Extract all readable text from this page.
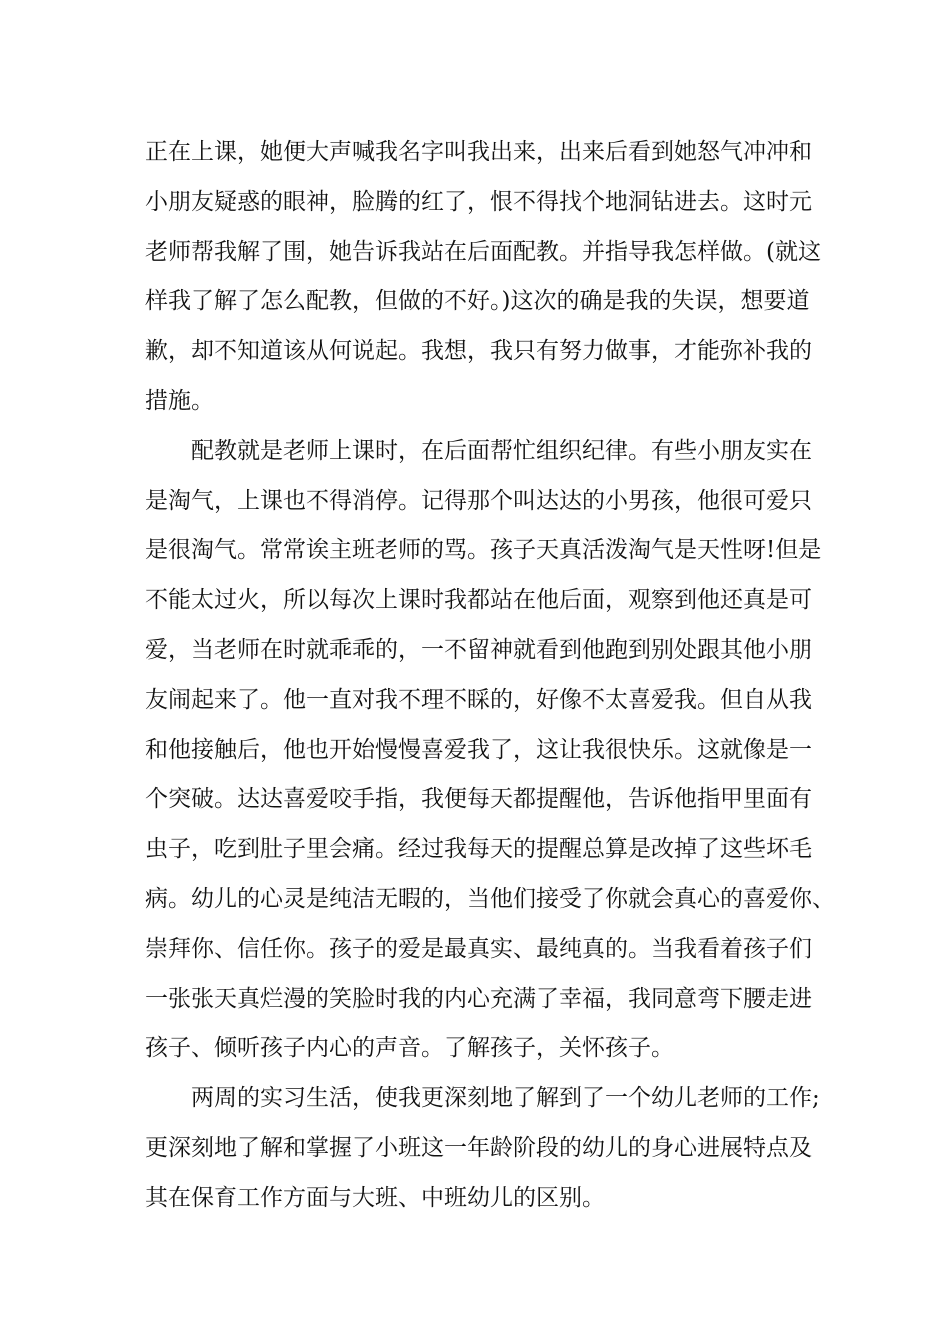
正在上课，她便大声喊我名字叫我出来，出来后看到她怒气冲冲和
小朋友疑惑的眼神，脸腾的红了，恨不得找个地洞钻进去。这时元
老师帮我解了围，她告诉我站在后面配教。并指导我怎样做。(就这
样我了解了怎么配教，但做的不好。)这次的确是我的失误，想要道
歉，却不知道该从何说起。我想，我只有努力做事，才能弥补我的
措施。
　　配教就是老师上课时，在后面帮忙组织纪律。有些小朋友实在
是淘气，上课也不得消停。记得那个叫达达的小男孩，他很可爱只
是很淘气。常常诶主班老师的骂。孩子天真活泼淘气是天性呀!但是
不能太过火，所以每次上课时我都站在他后面，观察到他还真是可
爱，当老师在时就乖乖的，一不留神就看到他跑到别处跟其他小朋
友闹起来了。他一直对我不理不睬的，好像不太喜爱我。但自从我
和他接触后，他也开始慢慢喜爱我了，这让我很快乐。这就像是一
个突破。达达喜爱咬手指，我便每天都提醒他，告诉他指甲里面有
虫子，吃到肚子里会痛。经过我每天的提醒总算是改掉了这些坏毛
病。幼儿的心灵是纯洁无暇的，当他们接受了你就会真心的喜爱你、
崇拜你、信任你。孩子的爱是最真实、最纯真的。当我看着孩子们
一张张天真烂漫的笑脸时我的内心充满了幸福，我同意弯下腰走进
孩子、倾听孩子内心的声音。了解孩子，关怀孩子。
　　两周的实习生活，使我更深刻地了解到了一个幼儿老师的工作;
更深刻地了解和掌握了小班这一年龄阶段的幼儿的身心进展特点及
其在保育工作方面与大班、中班幼儿的区别。
